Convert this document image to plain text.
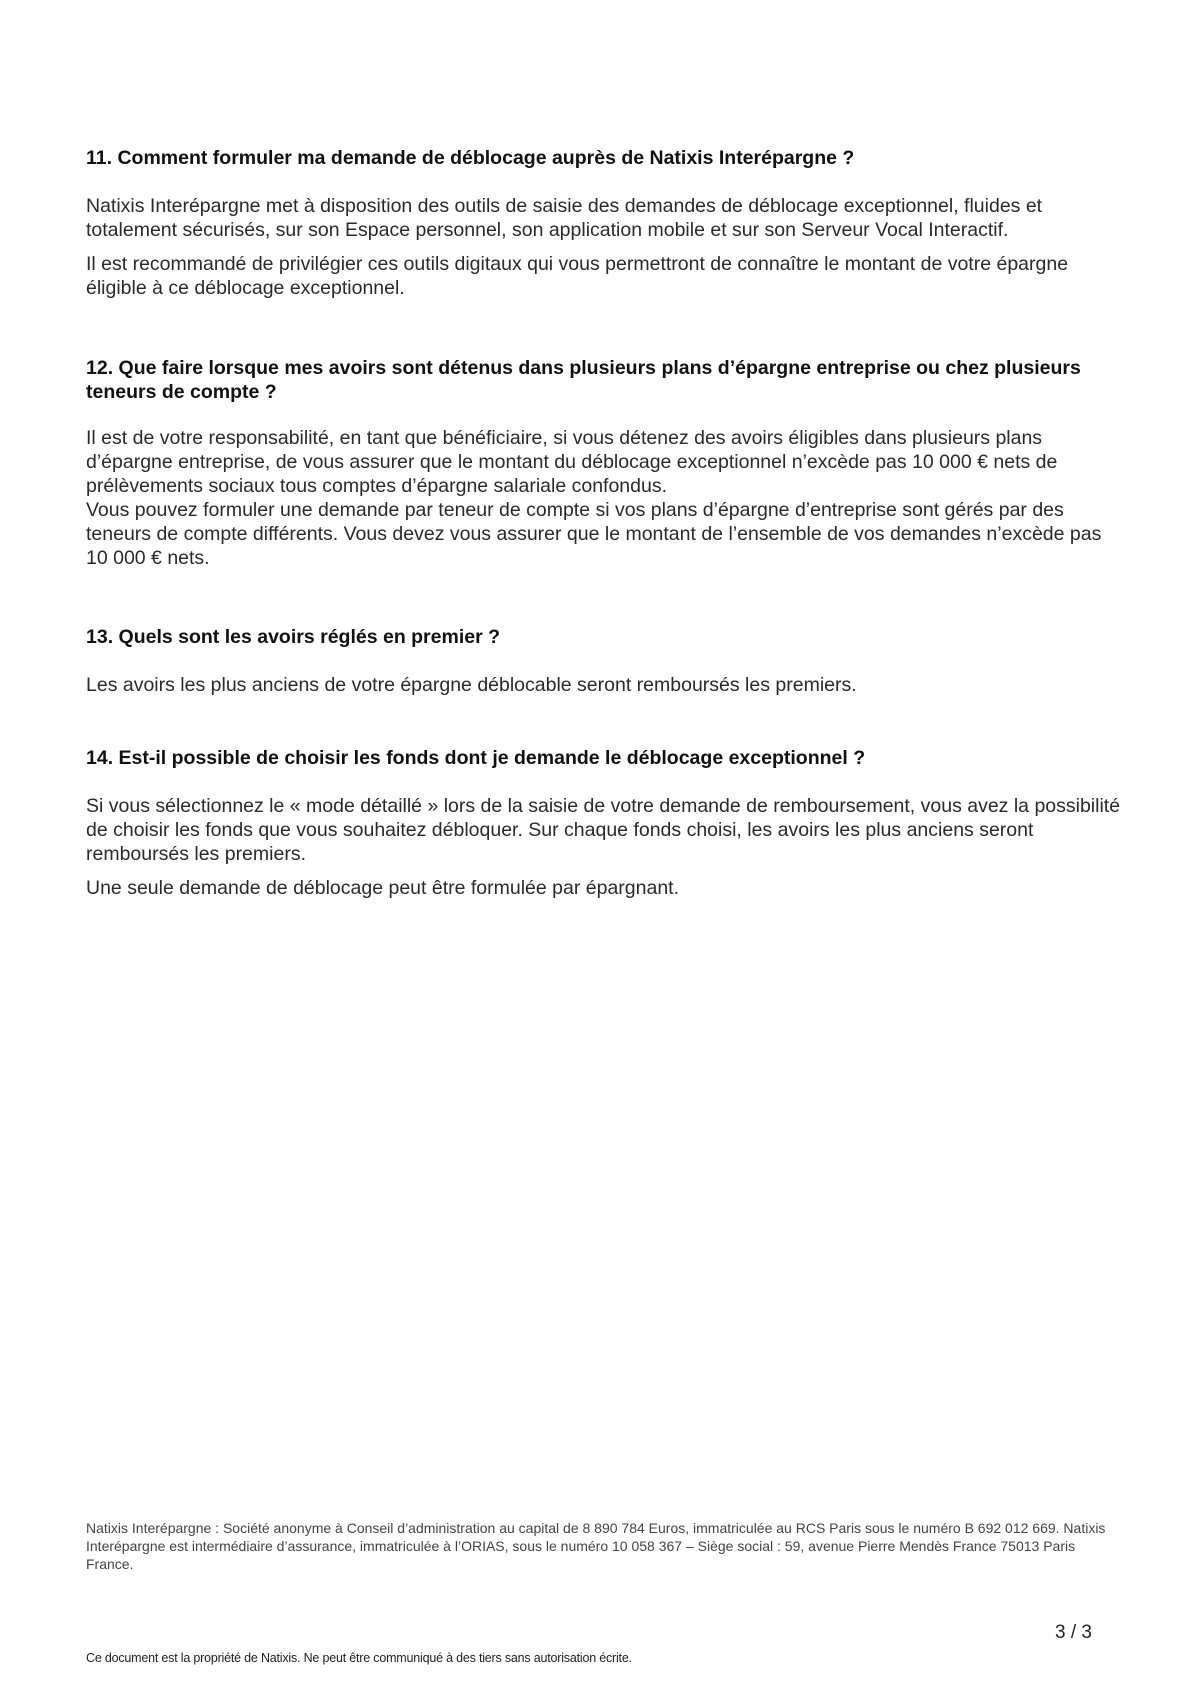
11. Comment formuler ma demande de déblocage auprès de Natixis Interépargne ?

Natixis Interépargne met à disposition des outils de saisie des demandes de déblocage exceptionnel, fluides et totalement sécurisés, sur son Espace personnel, son application mobile et sur son Serveur Vocal Interactif.

Il est recommandé de privilégier ces outils digitaux qui vous permettront de connaître le montant de votre épargne éligible à ce déblocage exceptionnel.

12. Que faire lorsque mes avoirs sont détenus dans plusieurs plans d’épargne entreprise ou chez plusieurs teneurs de compte ?

Il est de votre responsabilité, en tant que bénéficiaire, si vous détenez des avoirs éligibles dans plusieurs plans d’épargne entreprise, de vous assurer que le montant du déblocage exceptionnel n’excède pas 10 000 € nets de prélèvements sociaux tous comptes d’épargne salariale confondus.

Vous pouvez formuler une demande par teneur de compte si vos plans d’épargne d’entreprise sont gérés par des teneurs de compte différents. Vous devez vous assurer que le montant de l’ensemble de vos demandes n’excède pas 10 000 € nets.

13. Quels sont les avoirs réglés en premier ?

Les avoirs les plus anciens de votre épargne déblocable seront remboursés les premiers.

14. Est-il possible de choisir les fonds dont je demande le déblocage exceptionnel ?

Si vous sélectionnez le « mode détaillé » lors de la saisie de votre demande de remboursement, vous avez la possibilité de choisir les fonds que vous souhaitez débloquer. Sur chaque fonds choisi, les avoirs les plus anciens seront remboursés les premiers.

Une seule demande de déblocage peut être formulée par épargnant.

Natixis Interépargne : Société anonyme à Conseil d’administration au capital de 8 890 784 Euros, immatriculée au RCS Paris sous le numéro B 692 012 669. Natixis Interépargne est intermédiaire d’assurance, immatriculée à l’ORIAS, sous le numéro 10 058 367 – Siège social : 59, avenue Pierre Mendès France 75013 Paris France.

3 / 3
Ce document est la propriété de Natixis. Ne peut être communiqué à des tiers sans autorisation écrite.
